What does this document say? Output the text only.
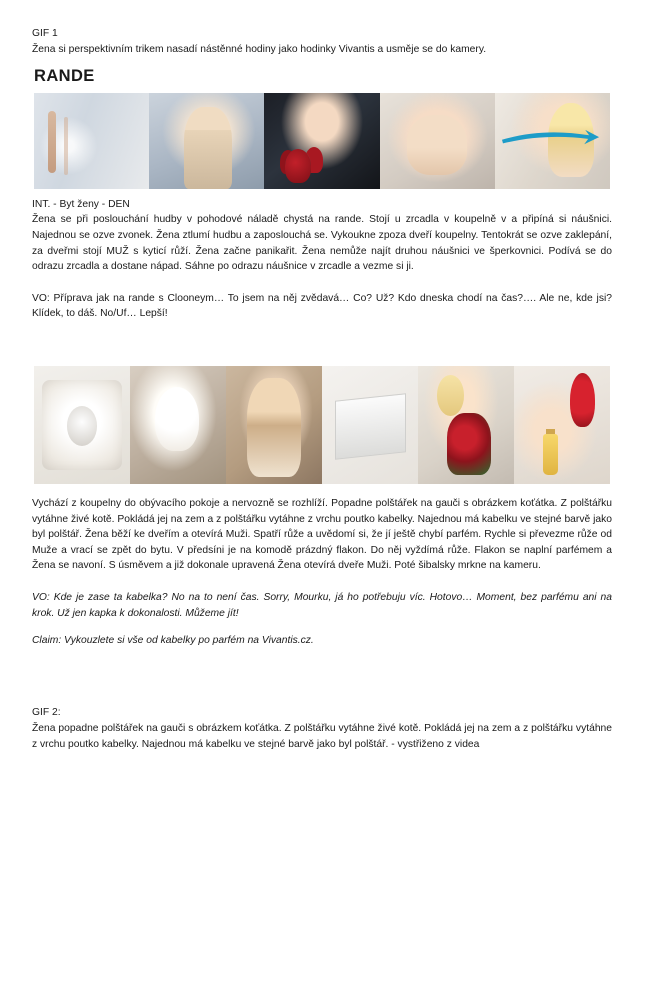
GIF 1

Žena si perspektivním trikem nasadí nástěnné hodiny jako hodinky Vivantis a usměje se do kamery.

RANDE

INT. - Byt ženy - DEN

Žena se při poslouchání hudby v pohodové náladě chystá na rande. Stojí u zrcadla v koupelně v a připíná si náušnici. Najednou se ozve zvonek. Žena ztlumí hudbu a zaposlouchá se. Vykoukne zpoza dveří koupelny. Tentokrát se ozve zaklepání, za dveřmi stojí MUŽ s kyticí růží. Žena začne panikařit. Žena nemůže najít druhou náušnici ve šperkovnici. Podívá se do odrazu zrcadla a dostane nápad. Sáhne po odrazu náušnice v zrcadle a vezme si ji.

VO: Příprava jak na rande s Clooneym… To jsem na něj zvědavá… Co? Už? Kdo dneska chodí na čas?…. Ale ne, kde jsi? Klídek, to dáš. No/Uf… Lepší!

Vychází z koupelny do obývacího pokoje a nervozně se rozhlíží. Popadne polštářek na gauči s obrázkem koťátka. Z polštářku vytáhne živé kotě. Pokládá jej na zem a z polštářku vytáhne z vrchu poutko kabelky. Najednou má kabelku ve stejné barvě jako byl polštář. Žena běží ke dveřím a otevírá Muži. Spatří růže a uvědomí si, že jí ještě chybí parfém. Rychle si převezme růže od Muže a vrací se zpět do bytu. V předsíni je na komodě prázdný flakon. Do něj vyždímá růže. Flakon se naplní parfémem a Žena se navoní. S úsměvem a již dokonale upravená Žena otevírá dveře Muži. Poté šibalsky mrkne na kameru.

VO: Kde je zase ta kabelka? No na to není čas. Sorry, Mourku, já ho potřebuju víc. Hotovo… Moment, bez parfému ani na krok. Už jen kapka k dokonalosti. Můžeme jít!

Claim: Vykouzlete si vše od kabelky po parfém na Vivantis.cz.

GIF 2:

Žena popadne polštářek na gauči s obrázkem koťátka. Z polštářku vytáhne živé kotě. Pokládá jej na zem a z polštářku vytáhne z vrchu poutko kabelky. Najednou má kabelku ve stejné barvě jako byl polštář. - vystřiženo z videa
